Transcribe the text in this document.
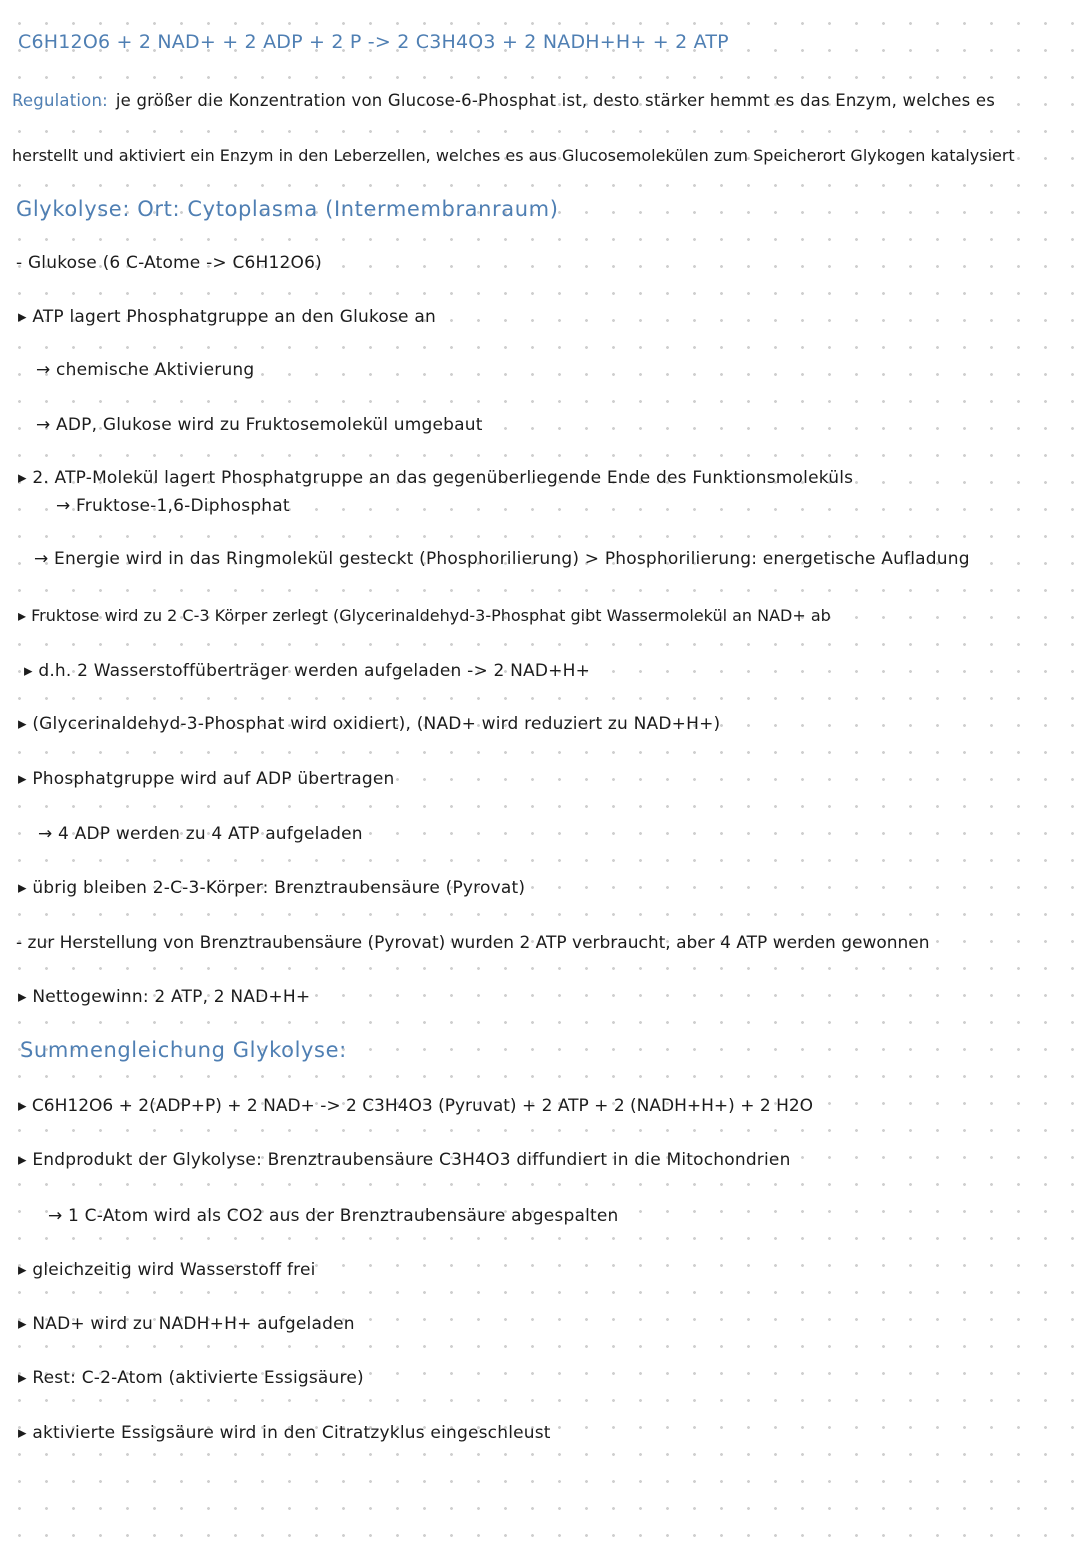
C6H12O6 + 2 NAD+ + 2 ADP + 2 P -> 2 C3H4O3 + 2 NADH+H+ + 2 ATP
Regulation: je größer die Konzentration von Glucose-6-Phosphat ist, desto stärker hemmt es das Enzym, welches es
herstellt und aktiviert ein Enzym in den Leberzellen, welches es aus Glucosemolekülen zum Speicherort Glykogen katalysiert
Glykolyse: Ort: Cytoplasma (Intermembranraum)
- Glukose (6 C-Atome -> C6H12O6)
▸ ATP lagert Phosphatgruppe an den Glukose an
→ chemische Aktivierung
→ ADP, Glukose wird zu Fruktosemolekül umgebaut
▸ 2. ATP-Molekül lagert Phosphatgruppe an das gegenüberliegende Ende des Funktionsmoleküls
→ Fruktose-1,6-Diphosphat
→ Energie wird in das Ringmolekül gesteckt (Phosphorilierung) > Phosphorilierung: energetische Aufladung
▸ Fruktose wird zu 2 C-3 Körper zerlegt (Glycerinaldehyd-3-Phosphat gibt Wassermolekül an NAD+ ab
▸ d.h. 2 Wasserstoffüberträger werden aufgeladen -> 2 NAD+H+
▸ (Glycerinaldehyd-3-Phosphat wird oxidiert), (NAD+ wird reduziert zu NAD+H+)
▸ Phosphatgruppe wird auf ADP übertragen
→ 4 ADP werden zu 4 ATP aufgeladen
▸ übrig bleiben 2-C-3-Körper: Brenztraubensäure (Pyrovat)
- zur Herstellung von Brenztraubensäure (Pyrovat) wurden 2 ATP verbraucht, aber 4 ATP werden gewonnen
▸ Nettogewinn: 2 ATP, 2 NAD+H+
Summengleichung Glykolyse:
▸ C6H12O6 + 2(ADP+P) + 2 NAD+ -> 2 C3H4O3 (Pyruvat) + 2 ATP + 2 (NADH+H+) + 2 H2O
▸ Endprodukt der Glykolyse: Brenztraubensäure C3H4O3 diffundiert in die Mitochondrien
→ 1 C-Atom wird als CO2 aus der Brenztraubensäure abgespalten
▸ gleichzeitig wird Wasserstoff frei
▸ NAD+ wird zu NADH+H+ aufgeladen
▸ Rest: C-2-Atom (aktivierte Essigsäure)
▸ aktivierte Essigsäure wird in den Citratzyklus eingeschleust
